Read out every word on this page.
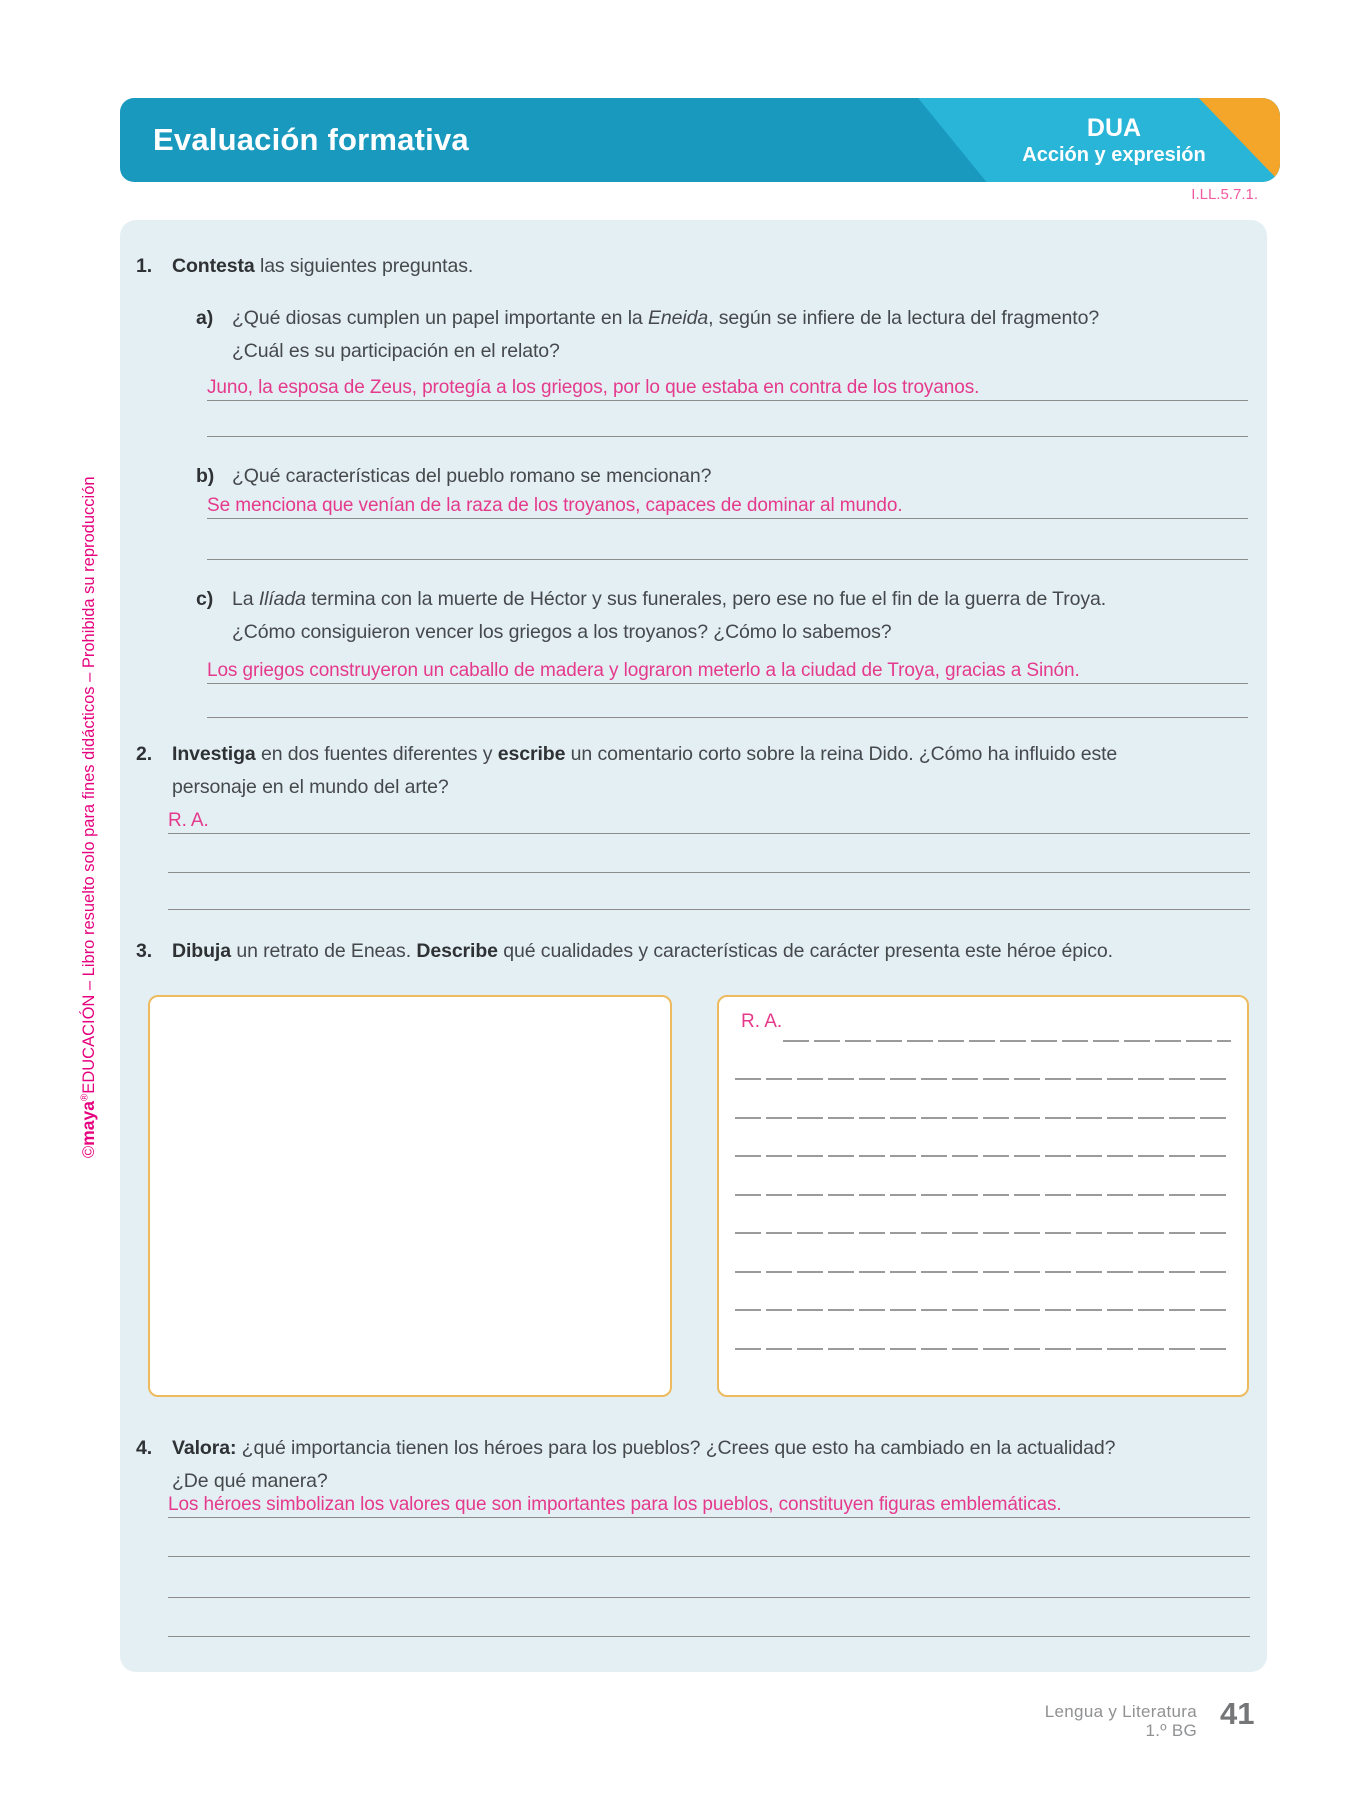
Evaluación formativa	DUA
Acción y expresión
I.LL.5.7.1.
©maya®EDUCACIÓN – Libro resuelto solo para fines didácticos – Prohibida su reproducción
1. Contesta las siguientes preguntas.
a) ¿Qué diosas cumplen un papel importante en la Eneida, según se infiere de la lectura del fragmento?
¿Cuál es su participación en el relato?
Juno, la esposa de Zeus, protegía a los griegos, por lo que estaba en contra de los troyanos.
b) ¿Qué características del pueblo romano se mencionan?
Se menciona que venían de la raza de los troyanos, capaces de dominar al mundo.
c) La Ilíada termina con la muerte de Héctor y sus funerales, pero ese no fue el fin de la guerra de Troya.
¿Cómo consiguieron vencer los griegos a los troyanos? ¿Cómo lo sabemos?
Los griegos construyeron un caballo de madera y lograron meterlo a la ciudad de Troya, gracias a Sinón.
2. Investiga en dos fuentes diferentes y escribe un comentario corto sobre la reina Dido. ¿Cómo ha influido este
personaje en el mundo del arte?
R. A.
3. Dibuja un retrato de Eneas. Describe qué cualidades y características de carácter presenta este héroe épico.
R. A.
4. Valora: ¿qué importancia tienen los héroes para los pueblos? ¿Crees que esto ha cambiado en la actualidad?
¿De qué manera?
Los héroes simbolizan los valores que son importantes para los pueblos, constituyen figuras emblemáticas.
Lengua y Literatura
1.º BG 41
